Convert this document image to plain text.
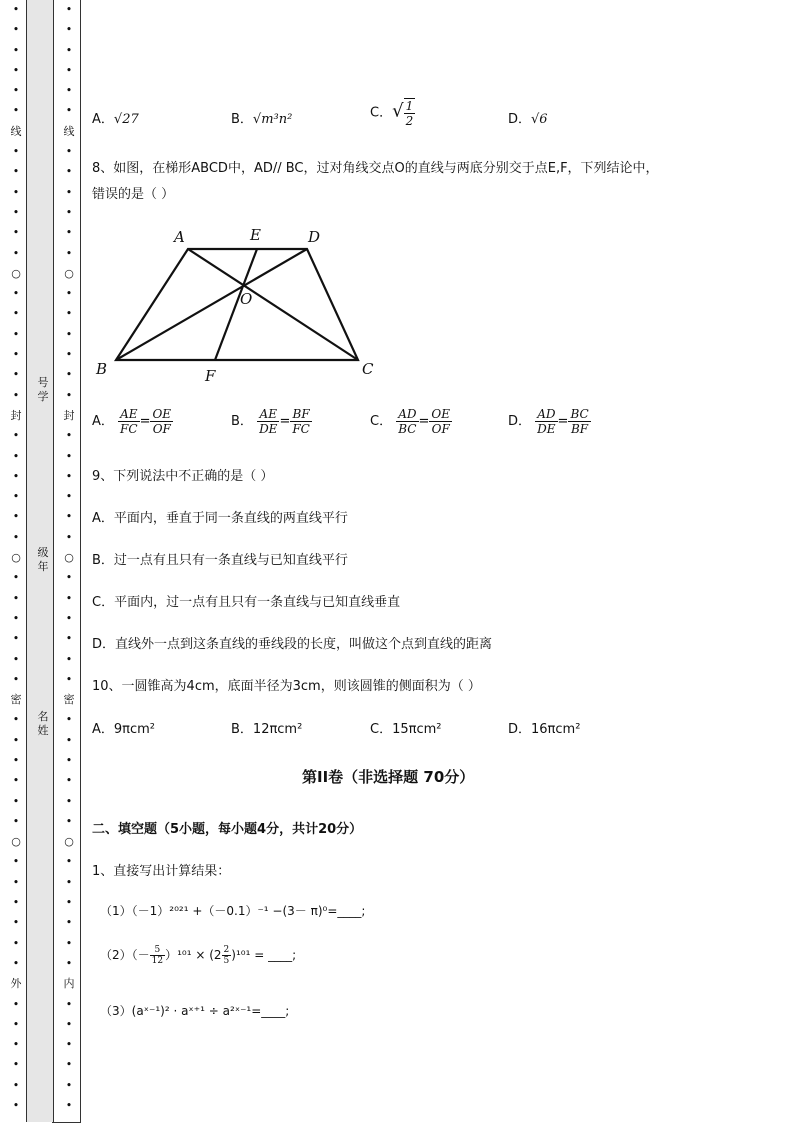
•
•
•
•
•
•
线
•
•
•
•
•
•
○
•
•
•
•
•
•
封
•
•
•
•
•
•
○
•
•
•
•
•
•
密
•
•
•
•
•
•
○
•
•
•
•
•
•
外
•
•
•
•
•
•
•
•
•
•
•
•
线
•
•
•
•
•
•
○
•
•
•
•
•
•
封
•
•
•
•
•
•
○
•
•
•
•
•
•
密
•
•
•
•
•
•
○
•
•
•
•
•
•
内
•
•
•
•
•
•
号学
级年
名姓
A．√27	B．√m³n²	C．√ $\frac{1}{2}$	D．√6
8、如图，在梯形ABCD中，AD// BC，过对角线交点O的直线与两底分别交于点E,F，下列结论中，
错误的是（ ）
A	E	D
O
B	F	C
A． $\frac{AE}{FC} = \frac{OE}{OF}$	B． $\frac{AE}{DE} = \frac{BF}{FC}$	C． $\frac{AD}{BC} = \frac{OE}{OF}$	D． $\frac{AD}{DE} = \frac{BC}{BF}$
9、下列说法中不正确的是（ ）
A．平面内，垂直于同一条直线的两直线平行
B．过一点有且只有一条直线与已知直线平行
C．平面内，过一点有且只有一条直线与已知直线垂直
D．直线外一点到这条直线的垂线段的长度，叫做这个点到直线的距离
10、一圆锥高为4cm，底面半径为3cm，则该圆锥的侧面积为（ ）
A．9πcm²	B．12πcm²	C．15πcm²	D．16πcm²
第II卷（非选择题 70分）
二、填空题（5小题，每小题4分，共计20分）
1、直接写出计算结果：
（1）（－1）²⁰²¹ +（－0.1）⁻¹ −(3－ π)⁰=____;
$(2)(- \frac{5}{12} )^{101} \times (2 \frac{2}{5} )^{101}$ = ____;
（3）(aˣ⁻¹)² · aˣ⁺¹ ÷ a²ˣ⁻¹=____;
